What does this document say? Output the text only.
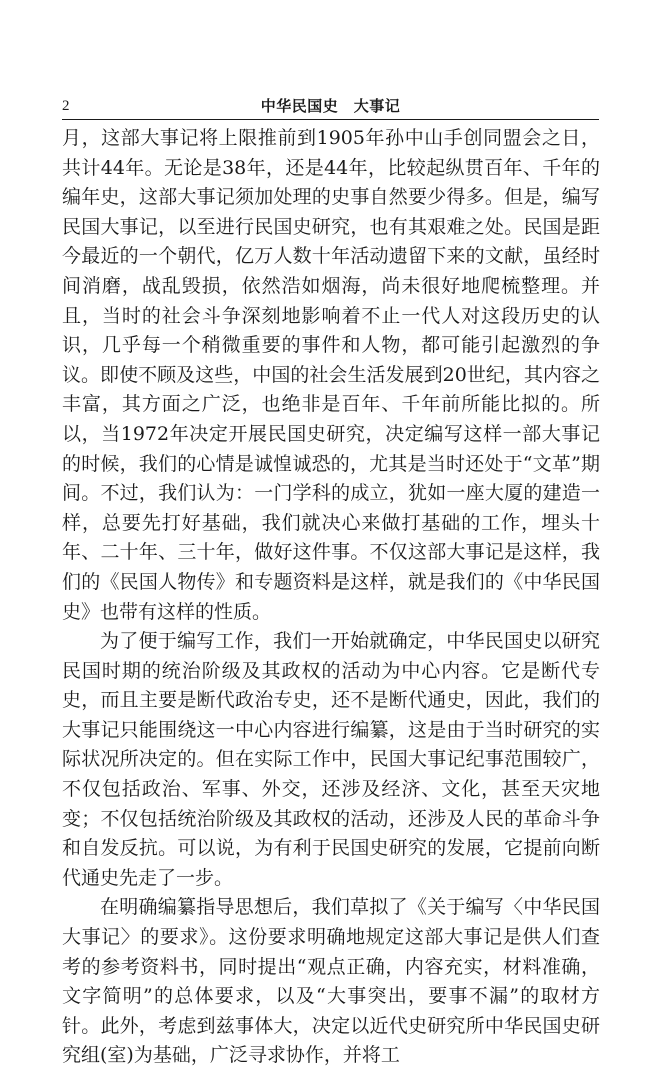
2	中华民国史　大事记

月，这部大事记将上限推前到1905年孙中山手创同盟会之日，共计44年。无论是38年，还是44年，比较起纵贯百年、千年的编年史，这部大事记须加处理的史事自然要少得多。但是，编写民国大事记，以至进行民国史研究，也有其艰难之处。民国是距今最近的一个朝代，亿万人数十年活动遗留下来的文献，虽经时间消磨，战乱毁损，依然浩如烟海，尚未很好地爬梳整理。并且，当时的社会斗争深刻地影响着不止一代人对这段历史的认识，几乎每一个稍微重要的事件和人物，都可能引起激烈的争议。即使不顾及这些，中国的社会生活发展到20世纪，其内容之丰富，其方面之广泛，也绝非是百年、千年前所能比拟的。所以，当1972年决定开展民国史研究，决定编写这样一部大事记的时候，我们的心情是诚惶诚恐的，尤其是当时还处于“文革”期间。不过，我们认为：一门学科的成立，犹如一座大厦的建造一样，总要先打好基础，我们就决心来做打基础的工作，埋头十年、二十年、三十年，做好这件事。不仅这部大事记是这样，我们的《民国人物传》和专题资料是这样，就是我们的《中华民国史》也带有这样的性质。

为了便于编写工作，我们一开始就确定，中华民国史以研究民国时期的统治阶级及其政权的活动为中心内容。它是断代专史，而且主要是断代政治专史，还不是断代通史，因此，我们的大事记只能围绕这一中心内容进行编纂，这是由于当时研究的实际状况所决定的。但在实际工作中，民国大事记纪事范围较广，不仅包括政治、军事、外交，还涉及经济、文化，甚至天灾地变；不仅包括统治阶级及其政权的活动，还涉及人民的革命斗争和自发反抗。可以说，为有利于民国史研究的发展，它提前向断代通史先走了一步。

在明确编纂指导思想后，我们草拟了《关于编写〈中华民国大事记〉的要求》。这份要求明确地规定这部大事记是供人们查考的参考资料书，同时提出“观点正确，内容充实，材料准确，文字简明”的总体要求，以及“大事突出，要事不漏”的取材方针。此外，考虑到兹事体大，决定以近代史研究所中华民国史研究组(室)为基础，广泛寻求协作，并将工
